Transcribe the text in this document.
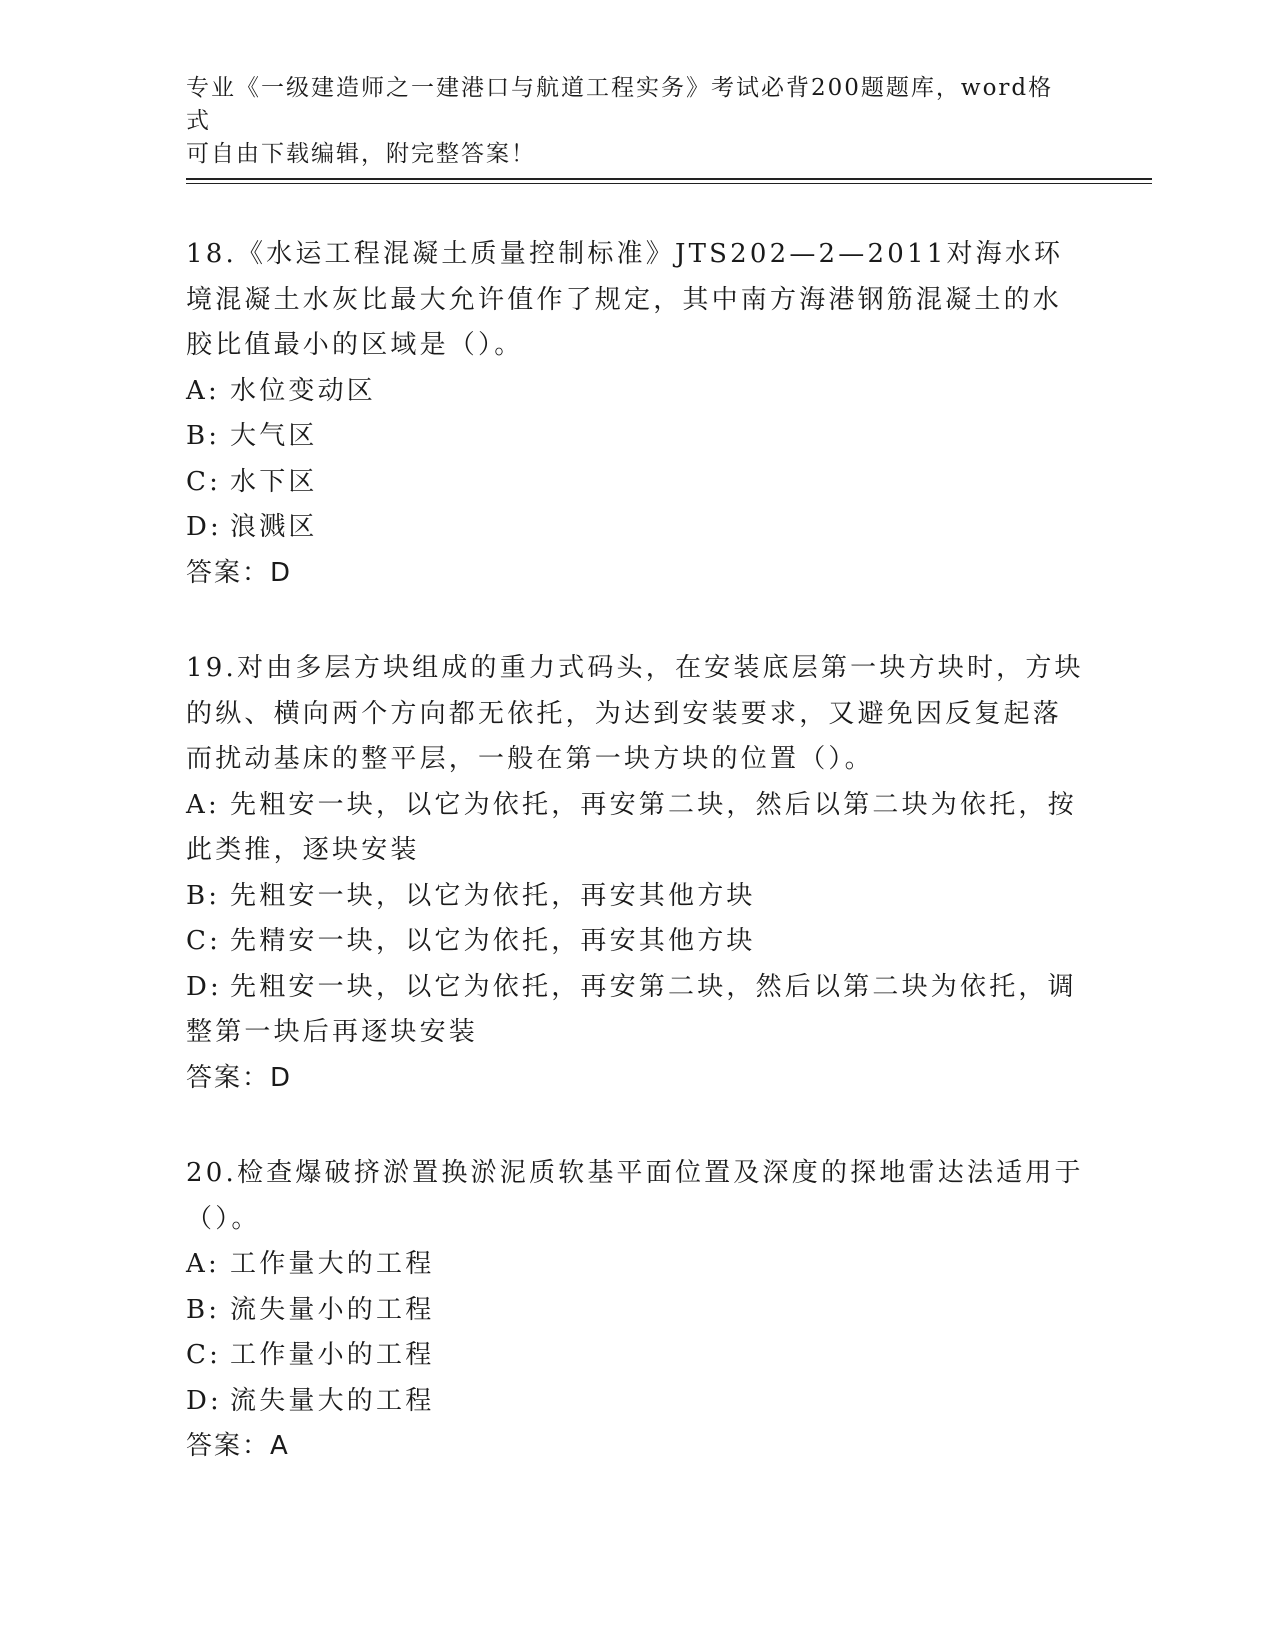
专业《一级建造师之一建港口与航道工程实务》考试必背200题题库，word格式
可自由下载编辑，附完整答案！
18.《水运工程混凝土质量控制标准》JTS202—2—2011对海水环境混凝土水灰比最大允许值作了规定，其中南方海港钢筋混凝土的水胶比值最小的区域是（）。
A: 水位变动区
B: 大气区
C: 水下区
D: 浪溅区
答案：D
19.对由多层方块组成的重力式码头，在安装底层第一块方块时，方块的纵、横向两个方向都无依托，为达到安装要求，又避免因反复起落而扰动基床的整平层，一般在第一块方块的位置（）。
A: 先粗安一块，以它为依托，再安第二块，然后以第二块为依托，按此类推，逐块安装
B: 先粗安一块，以它为依托，再安其他方块
C: 先精安一块，以它为依托，再安其他方块
D: 先粗安一块，以它为依托，再安第二块，然后以第二块为依托，调整第一块后再逐块安装
答案：D
20.检查爆破挤淤置换淤泥质软基平面位置及深度的探地雷达法适用于（）。
A: 工作量大的工程
B: 流失量小的工程
C: 工作量小的工程
D: 流失量大的工程
答案：A
